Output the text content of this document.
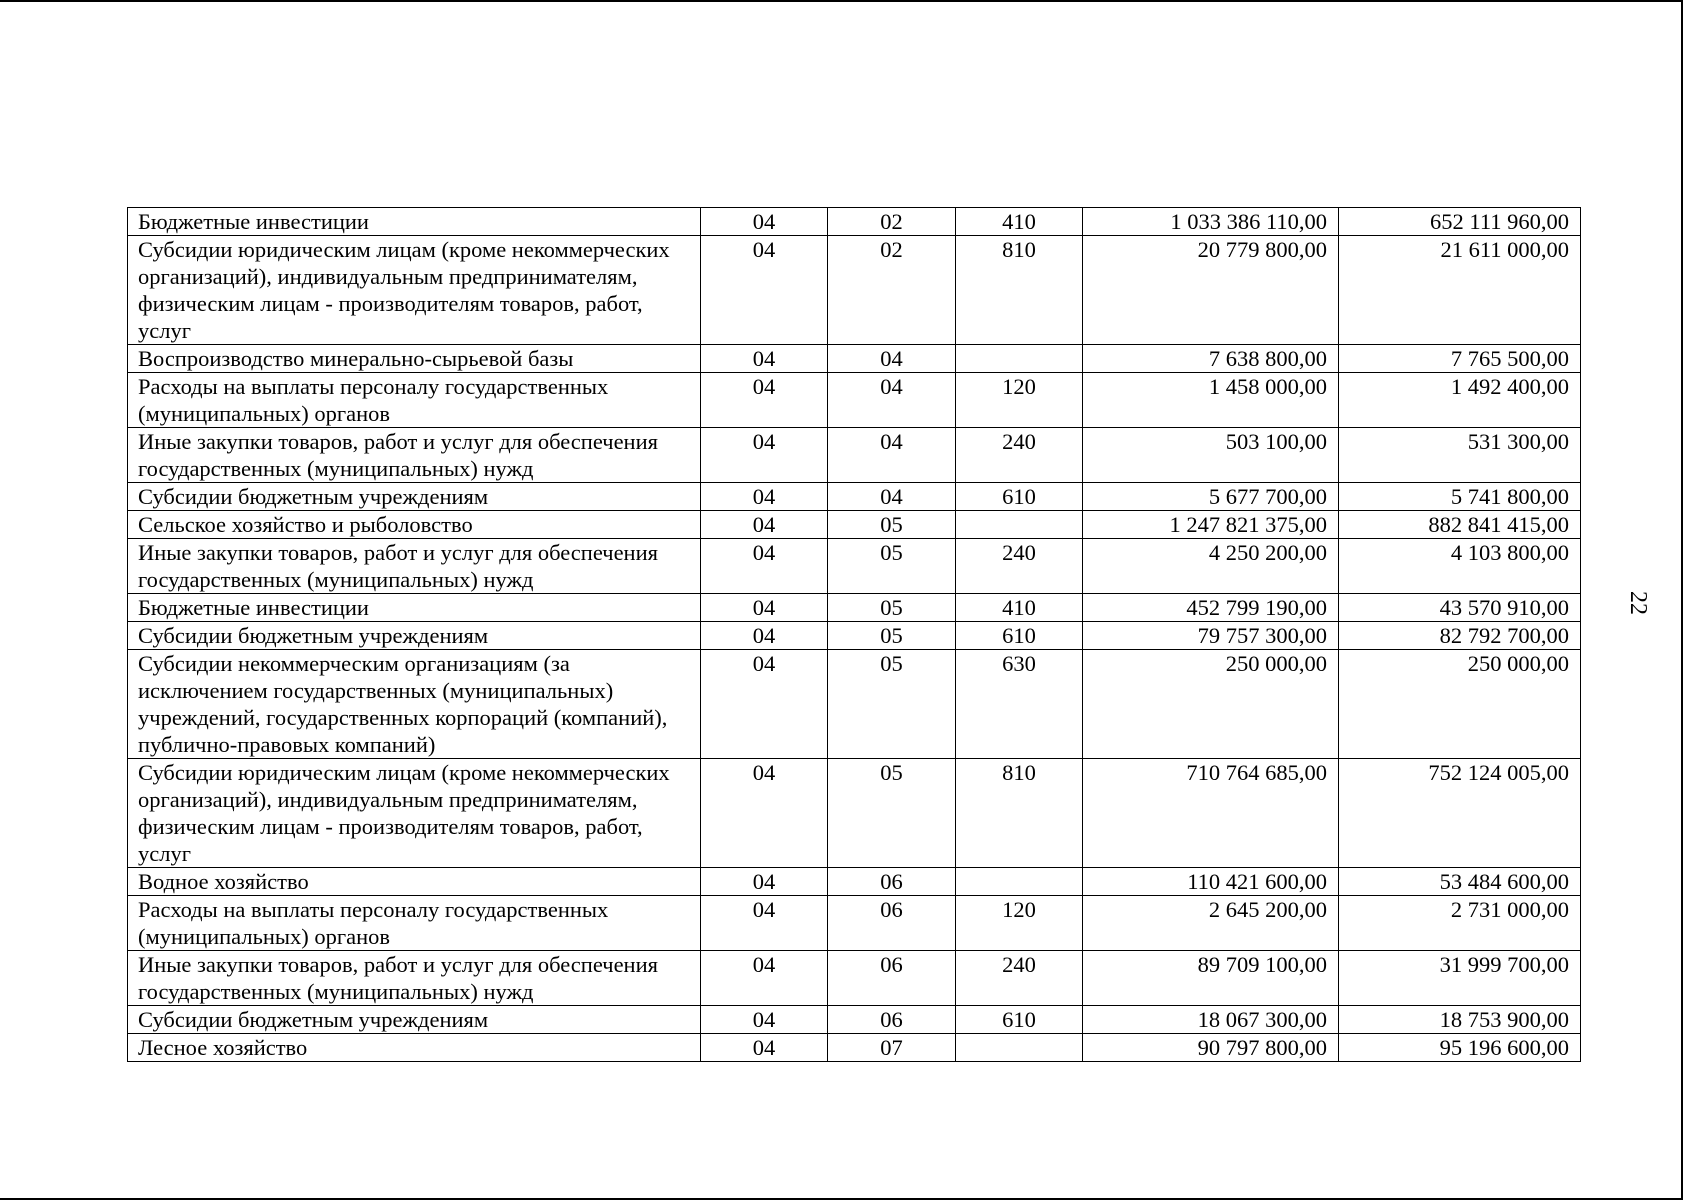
Бюджетные инвестиции	04	02	410	1 033 386 110,00	652 111 960,00
Субсидии юридическим лицам (кроме некоммерческих организаций), индивидуальным предпринимателям, физическим лицам - производителям товаров, работ, услуг	04	02	810	20 779 800,00	21 611 000,00
Воспроизводство минерально-сырьевой базы	04	04		7 638 800,00	7 765 500,00
Расходы на выплаты персоналу государственных (муниципальных) органов	04	04	120	1 458 000,00	1 492 400,00
Иные закупки товаров, работ и услуг для обеспечения государственных (муниципальных) нужд	04	04	240	503 100,00	531 300,00
Субсидии бюджетным учреждениям	04	04	610	5 677 700,00	5 741 800,00
Сельское хозяйство и рыболовство	04	05		1 247 821 375,00	882 841 415,00
Иные закупки товаров, работ и услуг для обеспечения государственных (муниципальных) нужд	04	05	240	4 250 200,00	4 103 800,00
Бюджетные инвестиции	04	05	410	452 799 190,00	43 570 910,00
Субсидии бюджетным учреждениям	04	05	610	79 757 300,00	82 792 700,00
Субсидии некоммерческим организациям (за исключением государственных (муниципальных) учреждений, государственных корпораций (компаний), публично-правовых компаний)	04	05	630	250 000,00	250 000,00
Субсидии юридическим лицам (кроме некоммерческих организаций), индивидуальным предпринимателям, физическим лицам - производителям товаров, работ, услуг	04	05	810	710 764 685,00	752 124 005,00
Водное хозяйство	04	06		110 421 600,00	53 484 600,00
Расходы на выплаты персоналу государственных (муниципальных) органов	04	06	120	2 645 200,00	2 731 000,00
Иные закупки товаров, работ и услуг для обеспечения государственных (муниципальных) нужд	04	06	240	89 709 100,00	31 999 700,00
Субсидии бюджетным учреждениям	04	06	610	18 067 300,00	18 753 900,00
Лесное хозяйство	04	07		90 797 800,00	95 196 600,00
22
